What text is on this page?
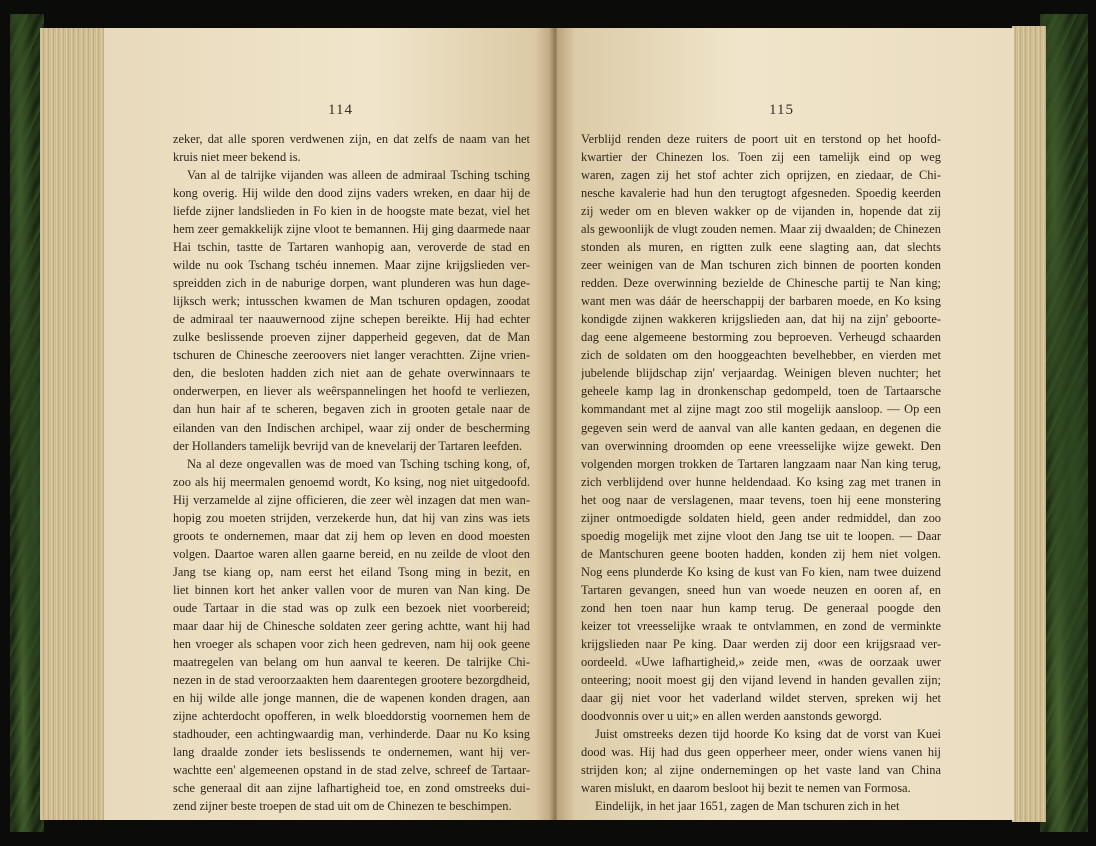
114
zeker, dat alle sporen verdwenen zijn, en dat zelfs de naam van het
kruis niet meer bekend is.
Van al de talrijke vijanden was alleen de admiraal Tsching tsching
kong overig. Hij wilde den dood zijns vaders wreken, en daar hij de
liefde zijner landslieden in Fo kien in de hoogste mate bezat, viel het
hem zeer gemakkelijk zijne vloot te bemannen. Hij ging daarmede naar
Hai tschin, tastte de Tartaren wanhopig aan, veroverde de stad en
wilde nu ook Tschang tschéu innemen. Maar zijne krijgslieden ver-
spreidden zich in de naburige dorpen, want plunderen was hun dage-
lijksch werk; intusschen kwamen de Man tschuren opdagen, zoodat
de admiraal ter naauwernood zijne schepen bereikte. Hij had echter
zulke beslissende proeven zijner dapperheid gegeven, dat de Man
tschuren de Chinesche zeeroovers niet langer verachtten. Zijne vrien-
den, die besloten hadden zich niet aan de gehate overwinnaars te
onderwerpen, en liever als weêrspannelingen het hoofd te verliezen,
dan hun hair af te scheren, begaven zich in grooten getale naar de
eilanden van den Indischen archipel, waar zij onder de bescherming
der Hollanders tamelijk bevrijd van de knevelarij der Tartaren leefden.
Na al deze ongevallen was de moed van Tsching tsching kong, of,
zoo als hij meermalen genoemd wordt, Ko ksing, nog niet uitgedoofd.
Hij verzamelde al zijne officieren, die zeer wèl inzagen dat men wan-
hopig zou moeten strijden, verzekerde hun, dat hij van zins was iets
groots te ondernemen, maar dat zij hem op leven en dood moesten
volgen. Daartoe waren allen gaarne bereid, en nu zeilde de vloot den
Jang tse kiang op, nam eerst het eiland Tsong ming in bezit, en
liet binnen kort het anker vallen voor de muren van Nan king. De
oude Tartaar in die stad was op zulk een bezoek niet voorbereid;
maar daar hij de Chinesche soldaten zeer gering achtte, want hij had
hen vroeger als schapen voor zich heen gedreven, nam hij ook geene
maatregelen van belang om hun aanval te keeren. De talrijke Chi-
nezen in de stad veroorzaakten hem daarentegen grootere bezorgdheid,
en hij wilde alle jonge mannen, die de wapenen konden dragen, aan
zijne achterdocht opofferen, in welk bloeddorstig voornemen hem de
stadhouder, een achtingwaardig man, verhinderde. Daar nu Ko ksing
lang draalde zonder iets beslissends te ondernemen, want hij ver-
wachtte een' algemeenen opstand in de stad zelve, schreef de Tartaar-
sche generaal dit aan zijne lafhartigheid toe, en zond omstreeks dui-
zend zijner beste troepen de stad uit om de Chinezen te beschimpen.
115
Verblijd renden deze ruiters de poort uit en terstond op het hoofd-
kwartier der Chinezen los. Toen zij een tamelijk eind op weg
waren, zagen zij het stof achter zich oprijzen, en ziedaar, de Chi-
nesche kavalerie had hun den terugtogt afgesneden. Spoedig keerden
zij weder om en bleven wakker op de vijanden in, hopende dat zij
als gewoonlijk de vlugt zouden nemen. Maar zij dwaalden; de Chinezen
stonden als muren, en rigtten zulk eene slagting aan, dat slechts
zeer weinigen van de Man tschuren zich binnen de poorten konden
redden. Deze overwinning bezielde de Chinesche partij te Nan king;
want men was dáár de heerschappij der barbaren moede, en Ko ksing
kondigde zijnen wakkeren krijgslieden aan, dat hij na zijn' geboorte-
dag eene algemeene bestorming zou beproeven. Verheugd schaarden
zich de soldaten om den hooggeachten bevelhebber, en vierden met
jubelende blijdschap zijn' verjaardag. Weinigen bleven nuchter; het
geheele kamp lag in dronkenschap gedompeld, toen de Tartaarsche
kommandant met al zijne magt zoo stil mogelijk aansloop. — Op een
gegeven sein werd de aanval van alle kanten gedaan, en degenen die
van overwinning droomden op eene vreesselijke wijze gewekt. Den
volgenden morgen trokken de Tartaren langzaam naar Nan king terug,
zich verblijdend over hunne heldendaad. Ko ksing zag met tranen in
het oog naar de verslagenen, maar tevens, toen hij eene monstering
zijner ontmoedigde soldaten hield, geen ander redmiddel, dan zoo
spoedig mogelijk met zijne vloot den Jang tse uit te loopen. — Daar
de Mantschuren geene booten hadden, konden zij hem niet volgen.
Nog eens plunderde Ko ksing de kust van Fo kien, nam twee duizend
Tartaren gevangen, sneed hun van woede neuzen en ooren af, en
zond hen toen naar hun kamp terug. De generaal poogde den
keizer tot vreesselijke wraak te ontvlammen, en zond de verminkte
krijgslieden naar Pe king. Daar werden zij door een krijgsraad ver-
oordeeld. «Uwe lafhartigheid,» zeide men, «was de oorzaak uwer
onteering; nooit moest gij den vijand levend in handen gevallen zijn;
daar gij niet voor het vaderland wildet sterven, spreken wij het
doodvonnis over u uit;» en allen werden aanstonds geworgd.
Juist omstreeks dezen tijd hoorde Ko ksing dat de vorst van Kuei
dood was. Hij had dus geen opperheer meer, onder wiens vanen hij
strijden kon; al zijne ondernemingen op het vaste land van China
waren mislukt, en daarom besloot hij bezit te nemen van Formosa.
Eindelijk, in het jaar 1651, zagen de Man tschuren zich in het
